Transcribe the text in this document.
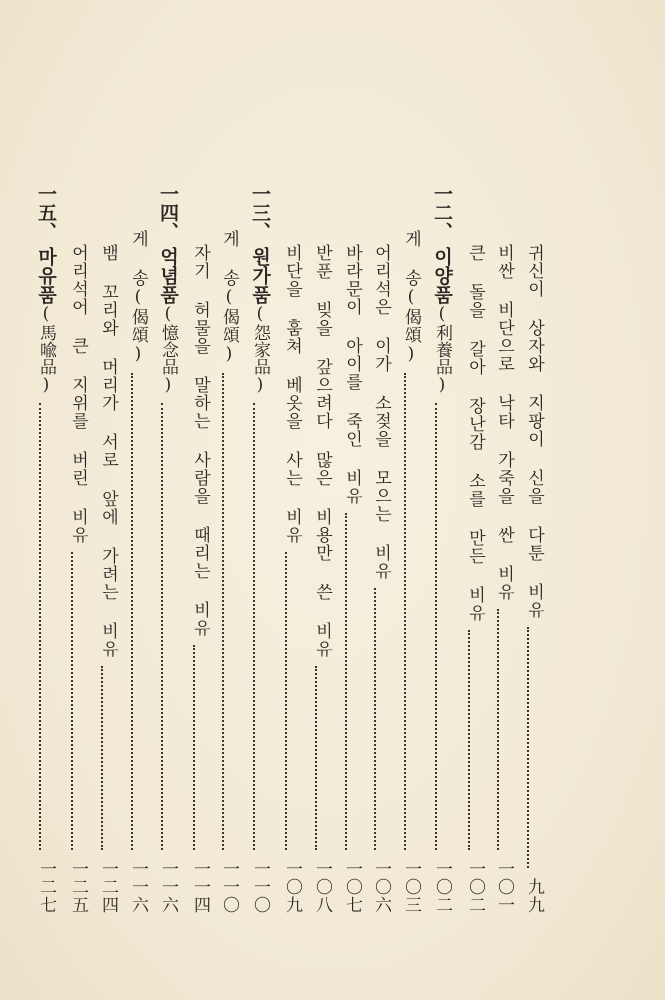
귀신이 상자와 지팡이 신을 다툰 비유
九九
비싼 비단으로 낙타 가죽을 싼 비유
一〇一
큰 돌을 갈아 장난감 소를 만든 비유
一〇二
一二、
이양품
(利養品)
一〇二
게 송(偈頌)
一〇三
어리석은 이가 소젖을 모으는 비유
一〇六
바라문이 아이를 죽인 비유
一〇七
반푼 빚을 갚으려다 많은 비용만 쓴 비유
一〇八
비단을 훔쳐 베옷을 사는 비유
一〇九
一三、
원가품
(怨家品)
一一〇
게 송(偈頌)
一一〇
자기 허물을 말하는 사람을 때리는 비유
一一四
一四、
억념품
(憶念品)
一一六
게 송(偈頌)
一一六
뱀 꼬리와 머리가 서로 앞에 가려는 비유
一二四
어리석어 큰 지위를 버린 비유
一二五
一五、
마유품
(馬喩品)
一二七
